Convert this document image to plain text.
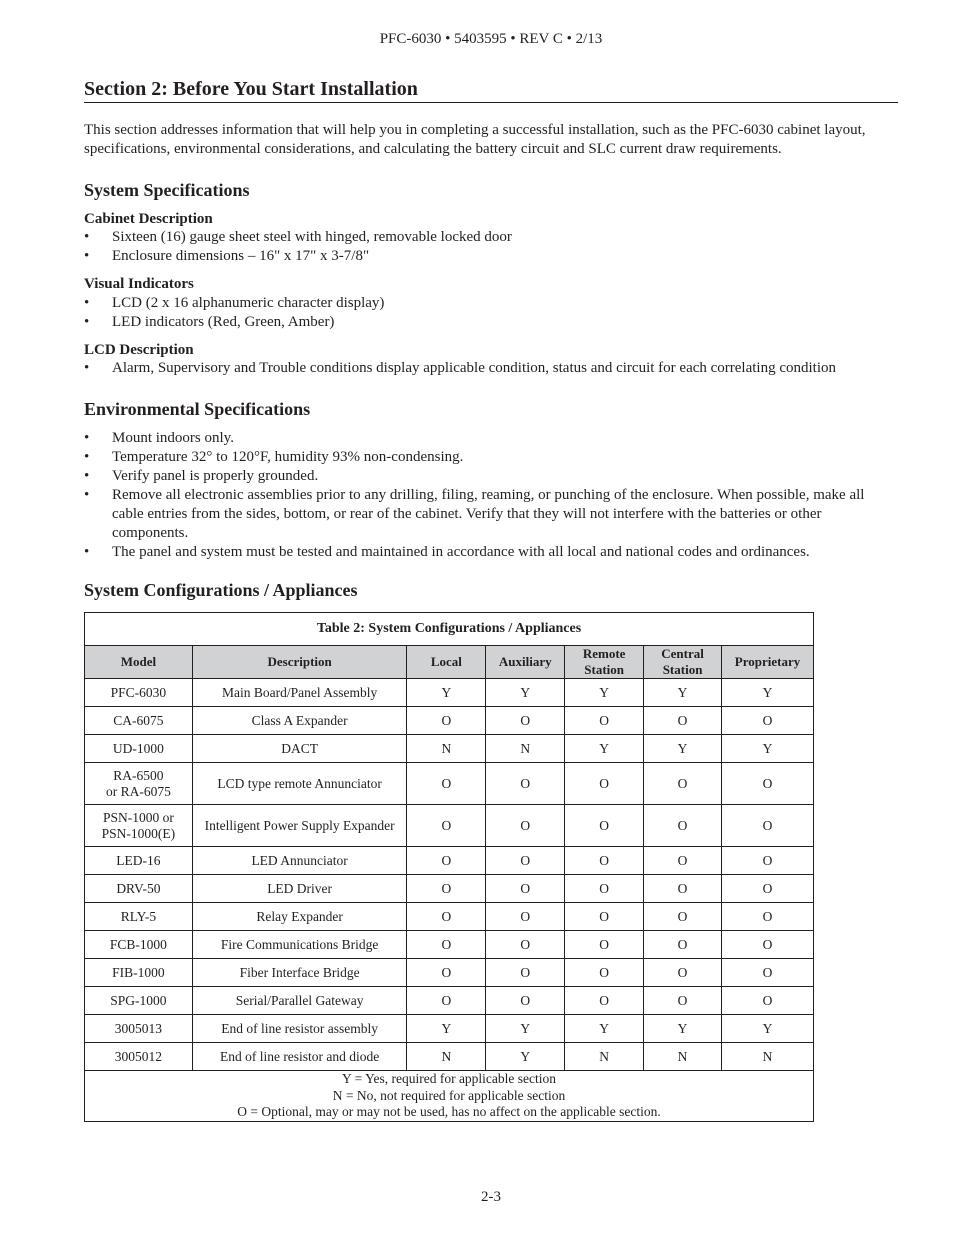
PFC-6030 • 5403595 • REV C • 2/13
Section 2: Before You Start Installation
This section addresses information that will help you in completing a successful installation, such as the PFC-6030 cabinet layout, specifications, environmental considerations, and calculating the battery circuit and SLC current draw requirements.
System Specifications
Cabinet Description
• Sixteen (16) gauge sheet steel with hinged, removable locked door
• Enclosure dimensions – 16" x 17" x 3-7/8"
Visual Indicators
• LCD (2 x 16 alphanumeric character display)
• LED indicators (Red, Green, Amber)
LCD Description
• Alarm, Supervisory and Trouble conditions display applicable condition, status and circuit for each correlating condition
Environmental Specifications
• Mount indoors only.
• Temperature 32° to 120°F, humidity 93% non-condensing.
• Verify panel is properly grounded.
• Remove all electronic assemblies prior to any drilling, filing, reaming, or punching of the enclosure. When possible, make all cable entries from the sides, bottom, or rear of the cabinet. Verify that they will not interfere with the batteries or other components.
• The panel and system must be tested and maintained in accordance with all local and national codes and ordinances.
System Configurations / Appliances
Table 2: System Configurations / Appliances						
Model	Description	Local	Auxiliary	Remote Station	Central Station	Proprietary
PFC-6030	Main Board/Panel Assembly	Y	Y	Y	Y	Y
CA-6075	Class A Expander	O	O	O	O	O
UD-1000	DACT	N	N	Y	Y	Y
RA-6500
or RA-6075	LCD type remote Annunciator	O	O	O	O	O
PSN-1000 or
PSN-1000(E)	Intelligent Power Supply Expander	O	O	O	O	O
LED-16	LED Annunciator	O	O	O	O	O
DRV-50	LED Driver	O	O	O	O	O
RLY-5	Relay Expander	O	O	O	O	O
FCB-1000	Fire Communications Bridge	O	O	O	O	O
FIB-1000	Fiber Interface Bridge	O	O	O	O	O
SPG-1000	Serial/Parallel Gateway	O	O	O	O	O
3005013	End of line resistor assembly	Y	Y	Y	Y	Y
3005012	End of line resistor and diode	N	Y	N	N	N

Y = Yes, required for applicable section
N = No, not required for applicable section
O = Optional, may or may not be used, has no affect on the applicable section.						
2-3
